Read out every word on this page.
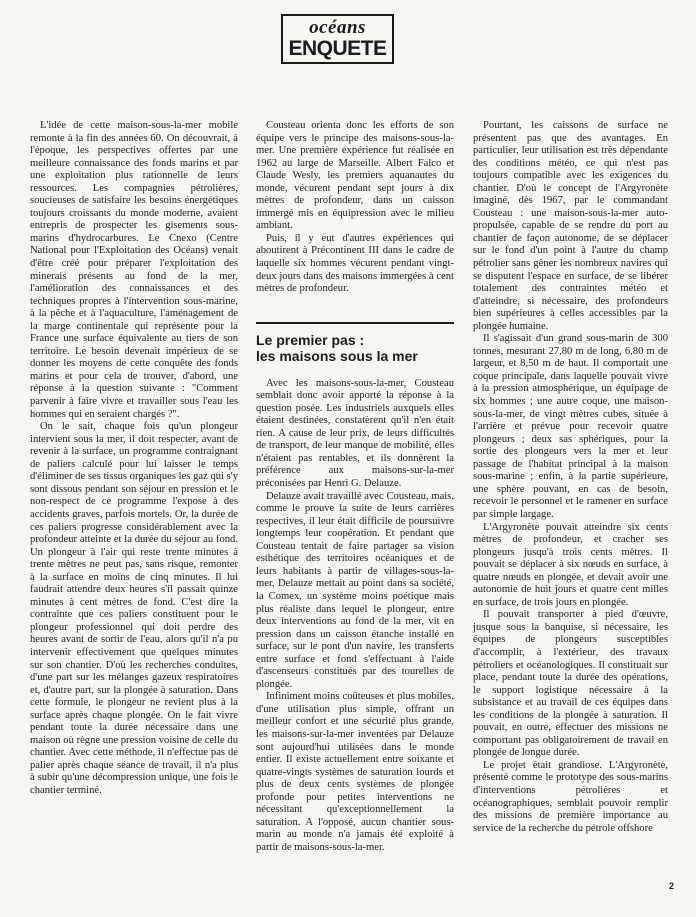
océans
ENQUETE

L'idée de cette maison-sous-la-mer mobile remonte à la fin des années 60. On découvrait, à l'époque, les perspectives offertes par une meilleure connaissance des fonds marins et par une exploitation plus rationnelle de leurs ressources. Les compagnies pétrolières, soucieuses de satisfaire les besoins énergétiques toujours croissants du monde moderne, avaient entrepris de prospecter les gisements sous-marins d'hydrocarbures. Le Cnexo (Centre National pour l'Exploitation des Océans) venait d'être créé pour préparer l'exploitation des minerais présents au fond de la mer, l'amélioration des connaissances et des techniques propres à l'intervention sous-marine, à la pêche et à l'aquaculture, l'aménagement de la marge continentale qui représente pour la France une surface équivalente au tiers de son territoire. Le besoin devenait impérieux de se donner les moyens de cette conquête des fonds marins et pour cela de trouver, d'abord, une réponse à la question suivante : "Comment parvenir à faire vivre et travailler sous l'eau les hommes qui en seraient chargés ?".

On le sait, chaque fois qu'un plongeur intervient sous la mer, il doit respecter, avant de revenir à la surface, un programme contraignant de paliers calculé pour lui laisser le temps d'éliminer de ses tissus organiques les gaz qui s'y sont dissous pendant son séjour en pression et le non-respect de ce programme l'expose à des accidents graves, parfois mortels. Or, la durée de ces paliers progresse considérablement avec la profondeur atteinte et la durée du séjour au fond. Un plongeur à l'air qui reste trente minutes à trente mètres ne peut pas, sans risque, remonter à la surface en moins de cinq minutes. Il lui faudrait attendre deux heures s'il passait quinze minutes à cent mètres de fond. C'est dire la contrainte que ces paliers constituent pour le plongeur professionnel qui doit perdre des heures avant de sortir de l'eau, alors qu'il n'a pu intervenir effectivement que quelques minutes sur son chantier. D'où les recherches conduites, d'une part sur les mélanges gazeux respiratoires et, d'autre part, sur la plongée à saturation. Dans cette formule, le plongeur ne revient plus à la surface après chaque plongée. On le fait vivre pendant toute la durée nécessaire dans une maison où règne une pression voisine de celle du chantier. Avec cette méthode, il n'effectue pas de palier après chaque séance de travail, il n'a plus à subir qu'une décompression unique, une fois le chantier terminé.

Cousteau orienta donc les efforts de son équipe vers le principe des maisons-sous-la-mer. Une première expérience fut réalisée en 1962 au large de Marseille. Albert Falco et Claude Wesly, les premiers aquanautes du monde, vécurent pendant sept jours à dix mètres de profondeur, dans un caisson immergé mis en équipression avec le milieu ambiant.

Puis, il y eut d'autres expériences qui aboutirent à Précontinent III dans le cadre de laquelle six hommes vécurent pendant vingt-deux jours dans des maisons immergées à cent mètres de profondeur.

Le premier pas :
les maisons sous la mer

Avec les maisons-sous-la-mer, Cousteau semblait donc avoir apporté la réponse à la question posée. Les industriels auxquels elles étaient destinées, constatèrent qu'il n'en était rien. A cause de leur prix, de leurs difficultés de transport, de leur manque de mobilité, elles n'étaient pas rentables, et ils donnèrent la préférence aux maisons-sur-la-mer préconisées par Henri G. Delauze.

Delauze avait travaillé avec Cousteau, mais, comme le prouve la suite de leurs carrières respectives, il leur était difficile de poursuivre longtemps leur coopération. Et pendant que Cousteau tentait de faire partager sa vision esthétique des territoires océaniques et de leurs habitants à partir de villages-sous-la-mer, Delauze mettait au point dans sa société, la Comex, un système moins poétique mais plus réaliste dans lequel le plongeur, entre deux interventions au fond de la mer, vit en pression dans un caisson étanche installé en surface, sur le pont d'un navire, les transferts entre surface et fond s'effectuant à l'aide d'ascenseurs constitués par des tourelles de plongée.

Infiniment moins coûteuses et plus mobiles, d'une utilisation plus simple, offrant un meilleur confort et une sécurité plus grande, les maisons-sur-la-mer inventées par Delauze sont aujourd'hui utilisées dans le monde entier. Il existe actuellement entre soixante et quatre-vingts systèmes de saturation lourds et plus de deux cents systèmes de plongée profonde pour petites interventions ne nécessitant qu'exceptionnellement la saturation. A l'opposé, aucun chantier sous-marin au monde n'a jamais été exploité à partir de maisons-sous-la-mer.

Pourtant, les caissons de surface ne présentent pas que des avantages. En particulier, leur utilisation est très dépendante des conditions météo, ce qui n'est pas toujours compatible avec les exigences du chantier. D'où le concept de l'Argyronète imaginé, dès 1967, par le commandant Cousteau : une maison-sous-la-mer auto-propulsée, capable de se rendre du port au chantier de façon autonome, de se déplacer sur le fond d'un point à l'autre du champ pétrolier sans gêner les nombreux navires qui se disputent l'espace en surface, de se libérer totalement des contraintes météo et d'atteindre, si nécessaire, des profondeurs bien supérieures à celles accessibles par la plongée humaine.

Il s'agissait d'un grand sous-marin de 300 tonnes, mesurant 27,80 m de long, 6,80 m de largeur, et 8,50 m de haut. Il comportait une coque principale, dans laquelle pouvait vivre à la pression atmosphérique, un équipage de six hommes ; une autre coque, une maison-sous-la-mer, de vingt mètres cubes, située à l'arrière et prévue pour recevoir quatre plongeurs ; deux sas sphériques, pour la sortie des plongeurs vers la mer et leur passage de l'habitat principal à la maison sous-marine ; enfin, à la partie supérieure, une sphère pouvant, en cas de besoin, recevoir le personnel et le ramener en surface par simple largage.

L'Argyronète pouvait atteindre six cents mètres de profondeur, et cracher ses plongeurs jusqu'à trois cents mètres. Il pouvait se déplacer à six nœuds en surface, à quatre nœuds en plongée, et devait avoir une autonomie de huit jours et quatre cent milles en surface, de trois jours en plongée.

Il pouvait transporter à pied d'œuvre, jusque sous la banquise, si nécessaire, les équipes de plongeurs susceptibles d'accomplir, à l'extérieur, des travaux pétroliers et océanologiques. Il constituait sur place, pendant toute la durée des opérations, le support logistique nécessaire à la subsistance et au travail de ces équipes dans les conditions de la plongée à saturation. Il pouvait, en outre, effectuer des missions ne comportant pas obligatoirement de travail en plongée de longue durée.

Le projet était grandiose. L'Argyronète, présenté comme le prototype des sous-marins d'interventions pétrolières et océanographiques, semblait pouvoir remplir des missions de première importance au service de la recherche du pétrole offshore

2
